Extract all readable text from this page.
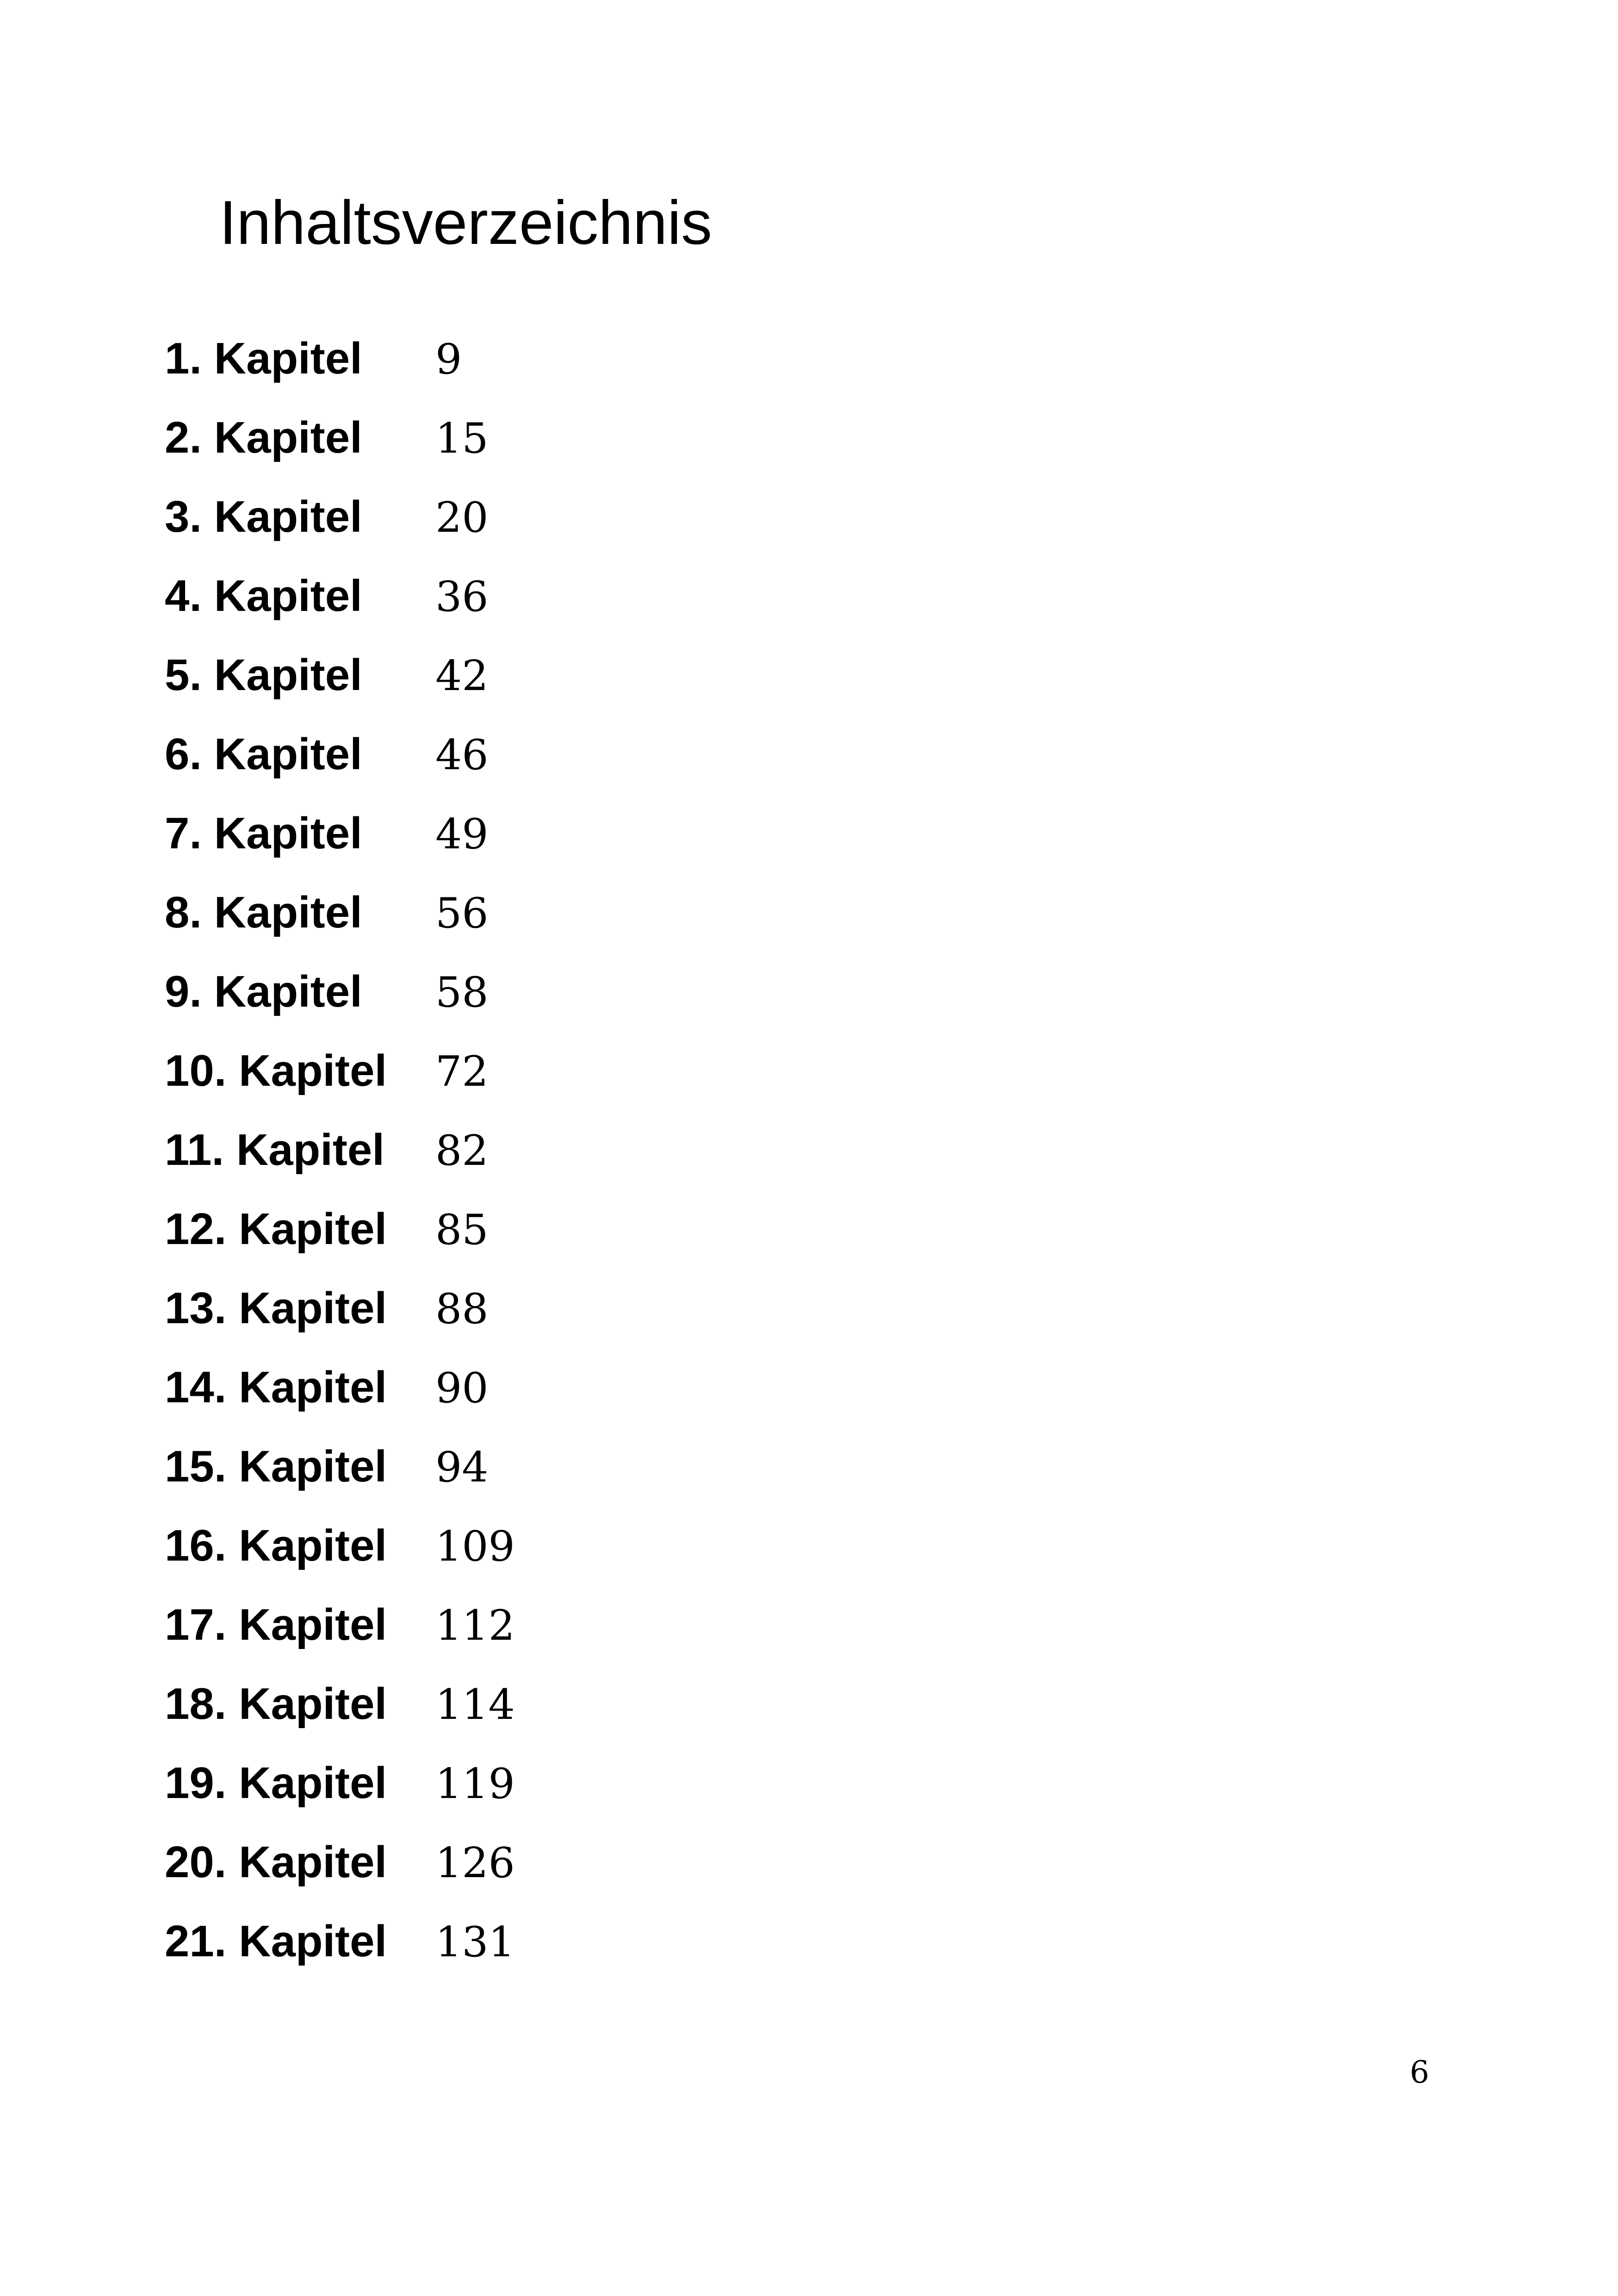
Inhaltsverzeichnis
1. Kapitel	9
2. Kapitel	15
3. Kapitel	20
4. Kapitel	36
5. Kapitel	42
6. Kapitel	46
7. Kapitel	49
8. Kapitel	56
9. Kapitel	58
10. Kapitel	72
11. Kapitel	82
12. Kapitel	85
13. Kapitel	88
14. Kapitel	90
15. Kapitel	94
16. Kapitel	109
17. Kapitel	112
18. Kapitel	114
19. Kapitel	119
20. Kapitel	126
21. Kapitel	131
6
